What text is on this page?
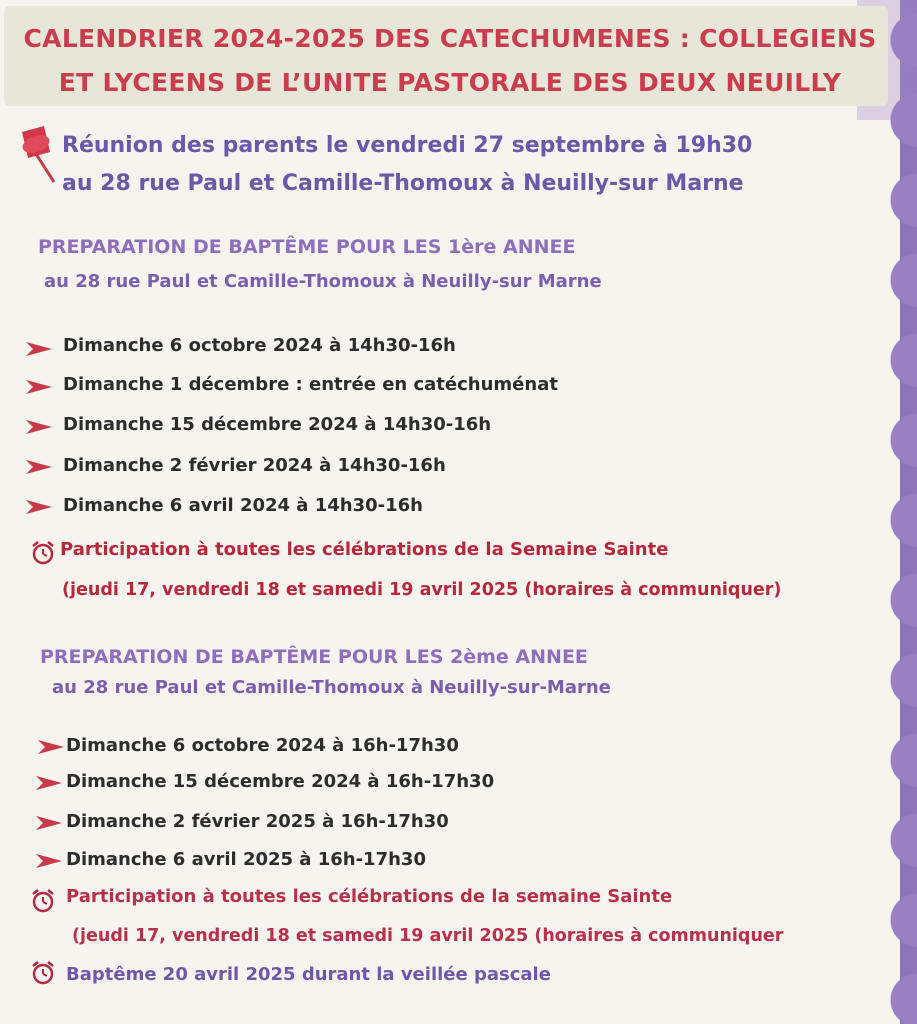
CALENDRIER 2024-2025 DES CATECHUMENES : COLLEGIENS
ET LYCEENS DE L’UNITE PASTORALE DES DEUX NEUILLY
Réunion des parents le vendredi 27 septembre à 19h30
au 28 rue Paul et Camille-Thomoux à Neuilly-sur Marne
PREPARATION DE BAPTÊME POUR LES 1ère ANNEE
au 28 rue Paul et Camille-Thomoux à Neuilly-sur Marne
Dimanche 6 octobre 2024 à 14h30-16h
Dimanche 1 décembre : entrée en catéchuménat
Dimanche 15 décembre 2024 à 14h30-16h
Dimanche 2 février 2024 à 14h30-16h
Dimanche 6 avril 2024 à 14h30-16h
Participation à toutes les célébrations de la Semaine Sainte
(jeudi 17, vendredi 18 et samedi 19 avril 2025 (horaires à communiquer)
PREPARATION DE BAPTÊME POUR LES 2ème ANNEE
au 28 rue Paul et Camille-Thomoux à Neuilly-sur-Marne
Dimanche 6 octobre 2024 à 16h-17h30
Dimanche 15 décembre 2024 à 16h-17h30
Dimanche 2 février 2025 à 16h-17h30
Dimanche 6 avril 2025 à 16h-17h30
Participation à toutes les célébrations de la semaine Sainte
(jeudi 17, vendredi 18 et samedi 19 avril 2025 (horaires à communiquer
Baptême 20 avril 2025 durant la veillée pascale
